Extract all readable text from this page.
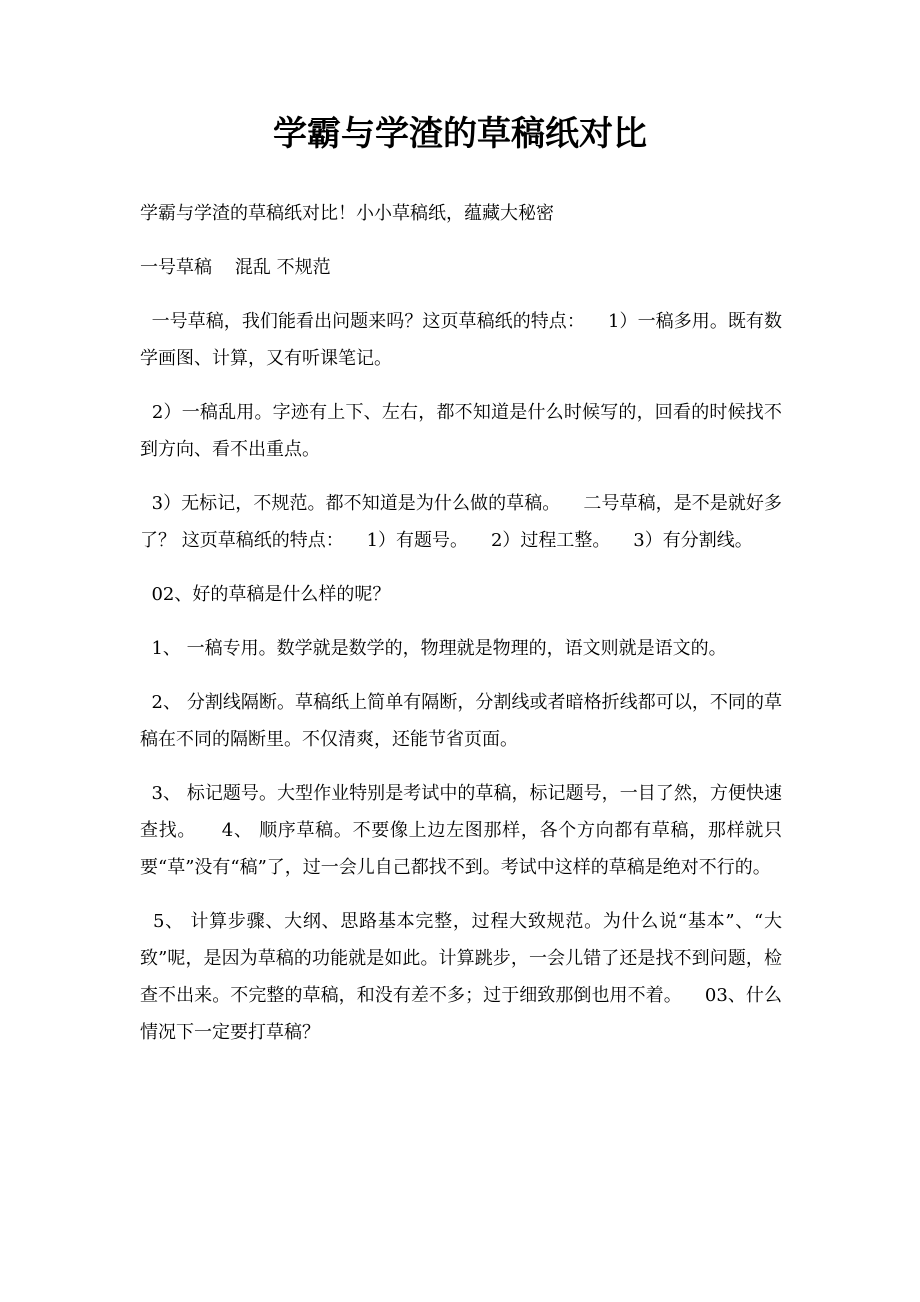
学霸与学渣的草稿纸对比

学霸与学渣的草稿纸对比！小小草稿纸，蕴藏大秘密

一号草稿    混乱 不规范

一号草稿，我们能看出问题来吗？这页草稿纸的特点：    1）一稿多用。既有数学画图、计算，又有听课笔记。

2）一稿乱用。字迹有上下、左右，都不知道是什么时候写的，回看的时候找不到方向、看不出重点。

3）无标记，不规范。都不知道是为什么做的草稿。    二号草稿，是不是就好多了？ 这页草稿纸的特点：    1）有题号。    2）过程工整。    3）有分割线。

02、好的草稿是什么样的呢？

1、 一稿专用。数学就是数学的，物理就是物理的，语文则就是语文的。

2、 分割线隔断。草稿纸上简单有隔断，分割线或者暗格折线都可以，不同的草稿在不同的隔断里。不仅清爽，还能节省页面。

3、 标记题号。大型作业特别是考试中的草稿，标记题号，一目了然，方便快速查找。    4、 顺序草稿。不要像上边左图那样，各个方向都有草稿，那样就只要“草”没有“稿”了，过一会儿自己都找不到。考试中这样的草稿是绝对不行的。

5、 计算步骤、大纲、思路基本完整，过程大致规范。为什么说“基本”、“大致”呢，是因为草稿的功能就是如此。计算跳步，一会儿错了还是找不到问题，检查不出来。不完整的草稿，和没有差不多；过于细致那倒也用不着。    03、什么情况下一定要打草稿？
